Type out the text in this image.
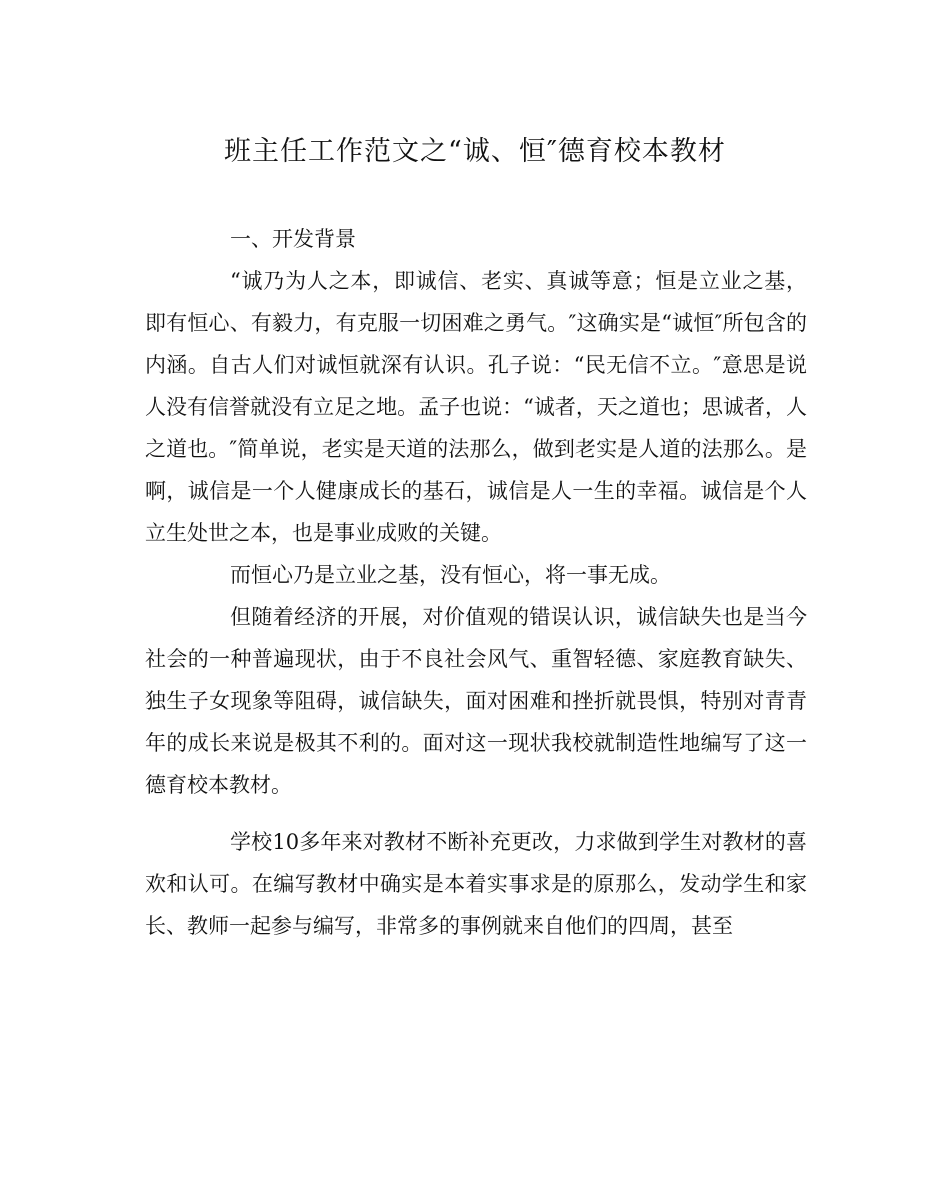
班主任工作范文之“诚、恒″德育校本教材

一、开发背景

“诚乃为人之本，即诚信、老实、真诚等意；恒是立业之基，即有恒心、有毅力，有克服一切困难之勇气。″这确实是“诚恒″所包含的内涵。自古人们对诚恒就深有认识。孔子说：“民无信不立。″意思是说人没有信誉就没有立足之地。孟子也说：“诚者，天之道也；思诚者，人之道也。″简单说，老实是天道的法那么，做到老实是人道的法那么。是啊，诚信是一个人健康成长的基石，诚信是人一生的幸福。诚信是个人立生处世之本，也是事业成败的关键。

而恒心乃是立业之基，没有恒心，将一事无成。

但随着经济的开展，对价值观的错误认识，诚信缺失也是当今社会的一种普遍现状，由于不良社会风气、重智轻德、家庭教育缺失、独生子女现象等阻碍，诚信缺失，面对困难和挫折就畏惧，特别对青青年的成长来说是极其不利的。面对这一现状我校就制造性地编写了这一德育校本教材。

学校10多年来对教材不断补充更改，力求做到学生对教材的喜欢和认可。在编写教材中确实是本着实事求是的原那么，发动学生和家长、教师一起参与编写，非常多的事例就来自他们的四周，甚至
